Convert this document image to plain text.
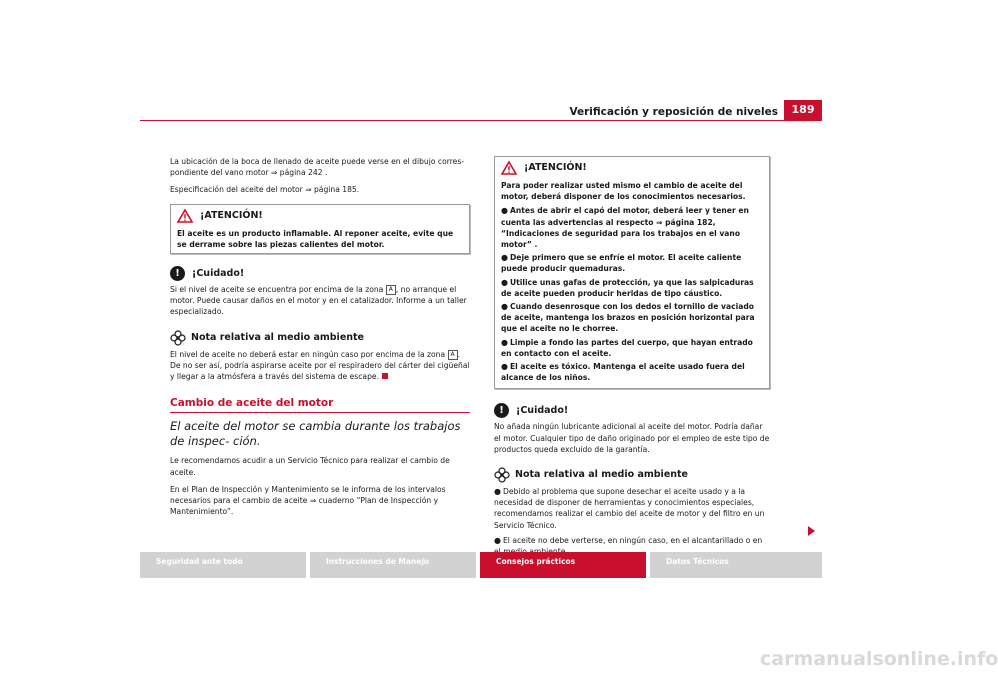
Verificación y reposición de niveles	189

La ubicación de la boca de llenado de aceite puede verse en el dibujo corres- pondiente del vano motor ⇒ página 242 .

Especificación del aceite del motor ⇒ página 185.

¡ATENCIÓN!
El aceite es un producto inflamable. Al reponer aceite, evite que se derrame sobre las piezas calientes del motor.
!	¡Cuidado!

Si el nivel de aceite se encuentra por encima de la zona A , no arranque el motor. Puede causar daños en el motor y en el catalizador. Informe a un taller especializado.

Nota relativa al medio ambiente

El nivel de aceite no deberá estar en ningún caso por encima de la zona A . De no ser así, podría aspirarse aceite por el respiradero del cárter del cigüeñal y llegar a la atmósfera a través del sistema de escape.

Cambio de aceite del motor
El aceite del motor se cambia durante los trabajos de inspec- ción.

Le recomendamos acudir a un Servicio Técnico para realizar el cambio de aceite.

En el Plan de Inspección y Mantenimiento se le informa de los intervalos necesarios para el cambio de aceite ⇒ cuaderno “Plan de Inspección y Mantenimiento”.

¡ATENCIÓN!
Para poder realizar usted mismo el cambio de aceite del motor, deberá disponer de los conocimientos necesarios.
● Antes de abrir el capó del motor, deberá leer y tener en cuenta las advertencias al respecto ⇒ página 182, “Indicaciones de seguridad para los trabajos en el vano motor” .
● Deje primero que se enfríe el motor. El aceite caliente puede producir quemaduras.
● Utilice unas gafas de protección, ya que las salpicaduras de aceite pueden producir heridas de tipo cáustico.
● Cuando desenrosque con los dedos el tornillo de vaciado de aceite, mantenga los brazos en posición horizontal para que el aceite no le chorree.
● Limpie a fondo las partes del cuerpo, que hayan entrado en contacto con el aceite.
● El aceite es tóxico. Mantenga el aceite usado fuera del alcance de los niños.
!	¡Cuidado!

No añada ningún lubricante adicional al aceite del motor. Podría dañar el motor. Cualquier tipo de daño originado por el empleo de este tipo de productos queda excluido de la garantía.

Nota relativa al medio ambiente
● Debido al problema que supone desechar el aceite usado y a la necesidad de disponer de herramientas y conocimientos especiales, recomendamos realizar el cambio del aceite de motor y del filtro en un Servicio Técnico.
● El aceite no debe verterse, en ningún caso, en el alcantarillado o en
Seguridad ante todo	Instrucciones de Manejo	Consejos prácticos	Datos Técnicos
carmanualsonline.info
